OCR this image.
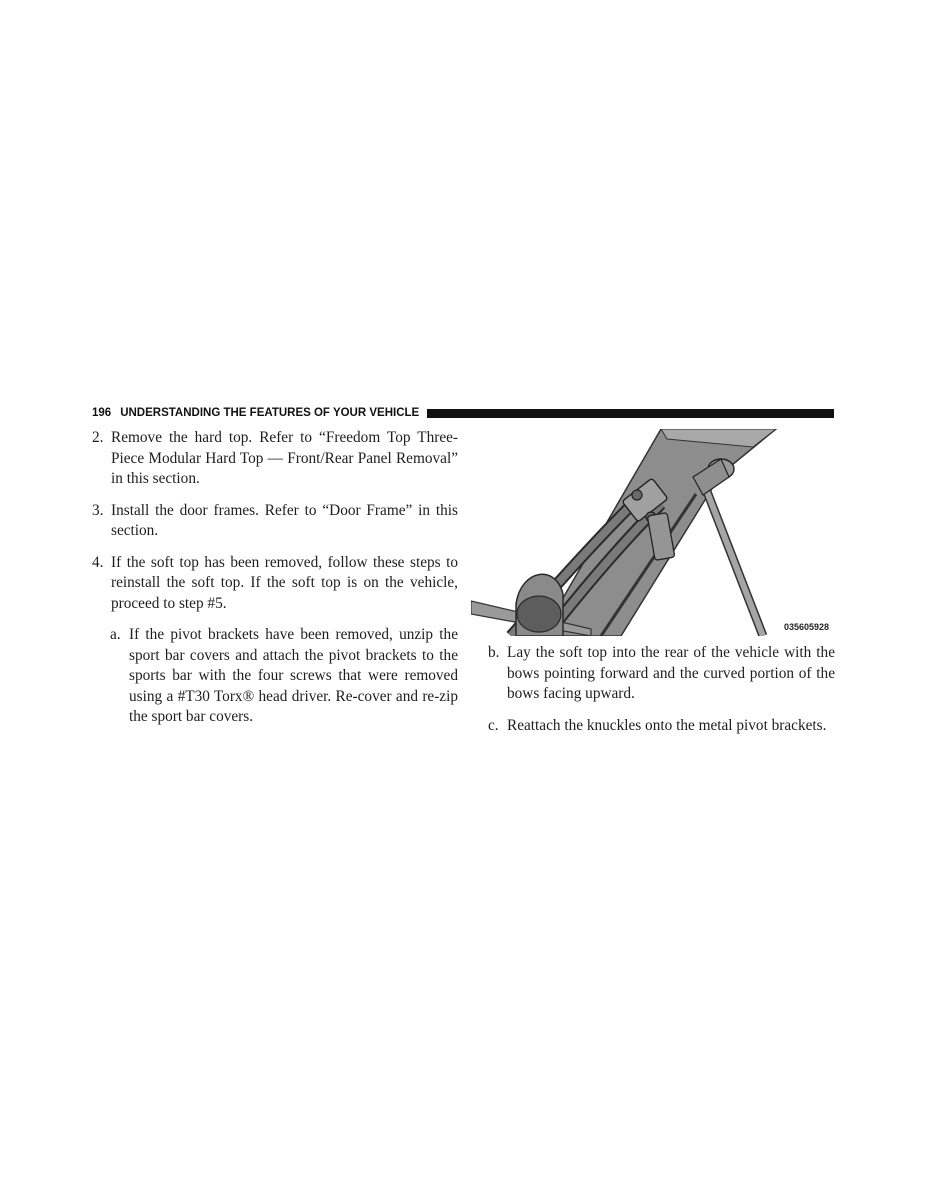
196 UNDERSTANDING THE FEATURES OF YOUR VEHICLE
2. Remove the hard top. Refer to “Freedom Top Three-Piece Modular Hard Top — Front/Rear Panel Removal” in this section.
3. Install the door frames. Refer to “Door Frame” in this section.
4. If the soft top has been removed, follow these steps to reinstall the soft top. If the soft top is on the vehicle, proceed to step #5.
a. If the pivot brackets have been removed, unzip the sport bar covers and attach the pivot brackets to the sports bar with the four screws that were removed using a #T30 Torx® head driver. Re-cover and re-zip the sport bar covers.
035605928
b. Lay the soft top into the rear of the vehicle with the bows pointing forward and the curved portion of the bows facing upward.
c. Reattach the knuckles onto the metal pivot brackets.
